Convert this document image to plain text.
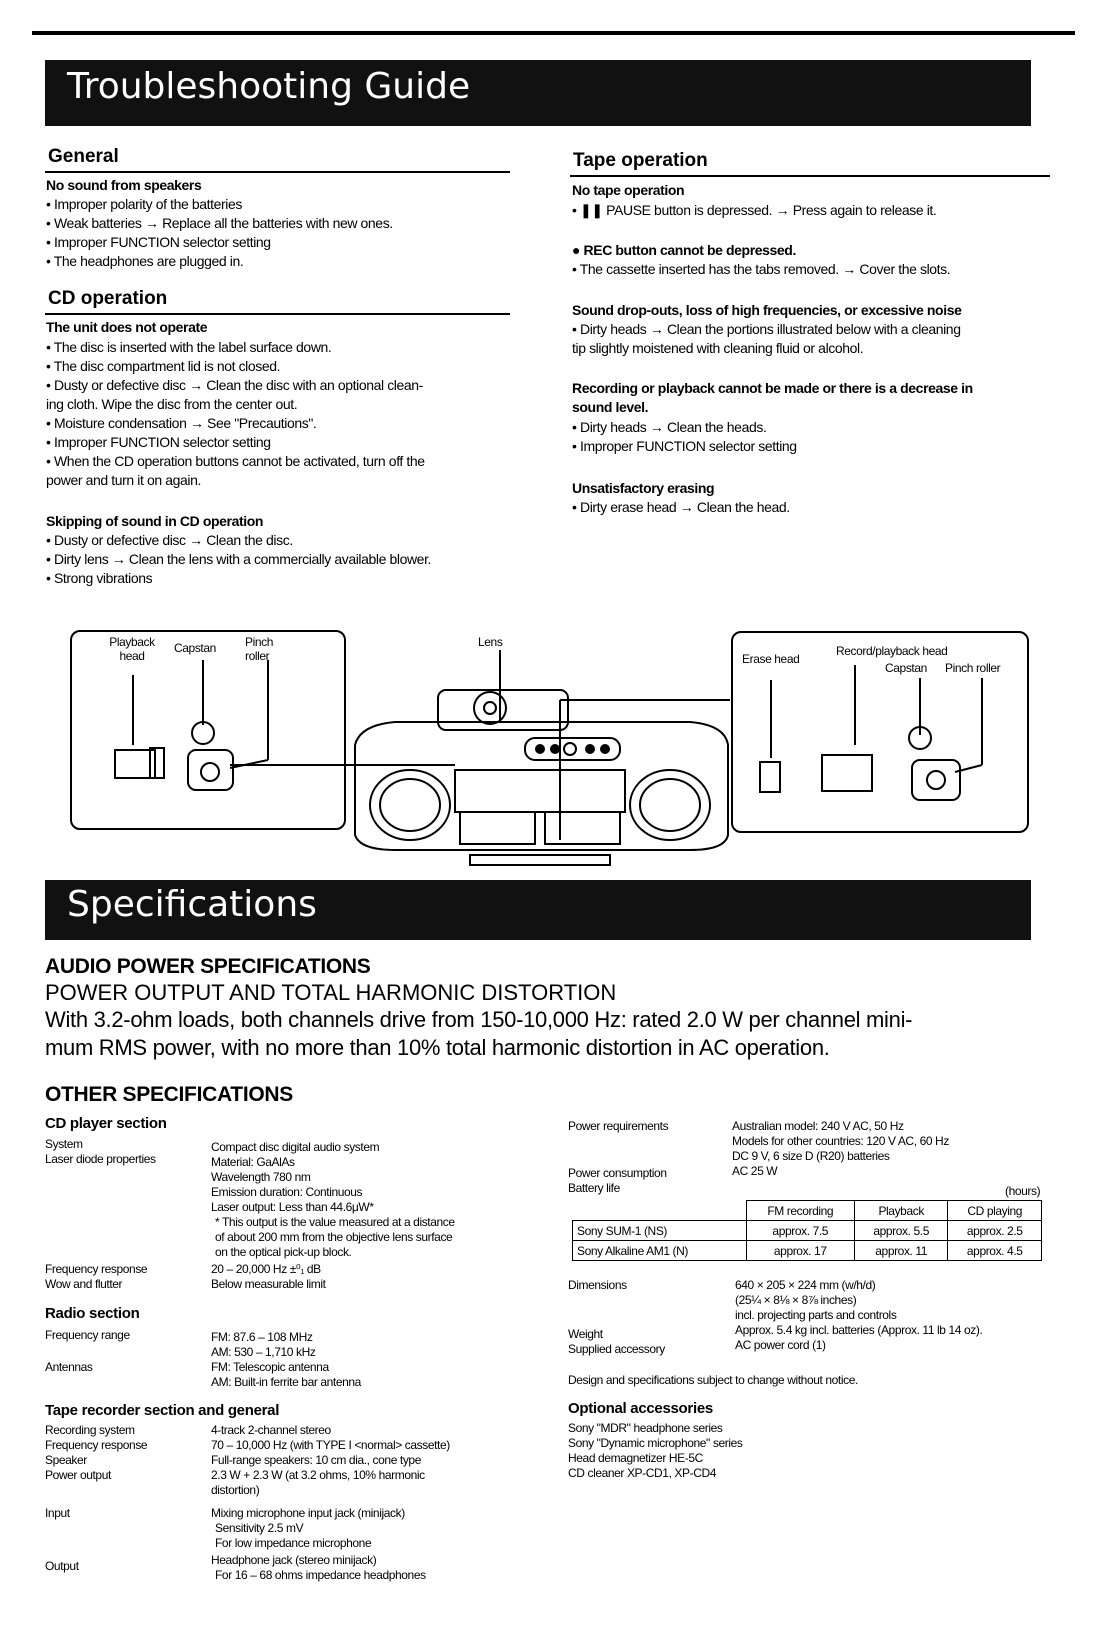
Troubleshooting Guide
General
No sound from speakers
• Improper polarity of the batteries
• Weak batteries → Replace all the batteries with new ones.
• Improper FUNCTION selector setting
• The headphones are plugged in.
CD operation
The unit does not operate
• The disc is inserted with the label surface down.
• The disc compartment lid is not closed.
• Dusty or defective disc → Clean the disc with an optional clean-
ing cloth. Wipe the disc from the center out.
• Moisture condensation → See "Precautions".
• Improper FUNCTION selector setting
• When the CD operation buttons cannot be activated, turn off the
power and turn it on again.
Skipping of sound in CD operation
• Dusty or defective disc → Clean the disc.
• Dirty lens → Clean the lens with a commercially available blower.
• Strong vibrations
Tape operation
No tape operation
• ❚❚ PAUSE button is depressed. → Press again to release it.
● REC button cannot be depressed.
• The cassette inserted has the tabs removed. → Cover the slots.
Sound drop-outs, loss of high frequencies, or excessive noise
• Dirty heads → Clean the portions illustrated below with a cleaning
tip slightly moistened with cleaning fluid or alcohol.
Recording or playback cannot be made or there is a decrease in
sound level.
• Dirty heads → Clean the heads.
• Improper FUNCTION selector setting
Unsatisfactory erasing
• Dirty erase head → Clean the head.
Playback head
Capstan Pinch roller
Lens
Erase head
Record/playback head
Capstan Pinch roller
Specifications
AUDIO POWER SPECIFICATIONS
POWER OUTPUT AND TOTAL HARMONIC DISTORTION
With 3.2-ohm loads, both channels drive from 150-10,000 Hz: rated 2.0 W per channel mini-
mum RMS power, with no more than 10% total harmonic distortion in AC operation.
OTHER SPECIFICATIONS
CD player section
System	Compact disc digital audio system
Laser diode properties	Material: GaAlAs
Wavelength 780 nm
Emission duration: Continuous
Laser output: Less than 44.6μW*
* This output is the value measured at a distance
of about 200 mm from the objective lens surface
on the optical pick-up block.
Frequency response	20 – 20,000 Hz ±⁰₁ dB
Wow and flutter	Below measurable limit
Radio section
Frequency range	FM: 87.6 – 108 MHz
AM: 530 – 1,710 kHz
Antennas	FM: Telescopic antenna
AM: Built-in ferrite bar antenna
Tape recorder section and general
Recording system	4-track 2-channel stereo
Frequency response	70 – 10,000 Hz (with TYPE I <normal> cassette)
Speaker	Full-range speakers: 10 cm dia., cone type
Power output	2.3 W + 2.3 W (at 3.2 ohms, 10% harmonic
distortion)
Input	Mixing microphone input jack (minijack)
Sensitivity 2.5 mV
For low impedance microphone
Output	Headphone jack (stereo minijack)
For 16 – 68 ohms impedance headphones
Power requirements	Australian model: 240 V AC, 50 Hz
Models for other countries: 120 V AC, 60 Hz
DC 9 V, 6 size D (R20) batteries
Power consumption	AC 25 W
Battery life	(hours)
	FM recording	Playback	CD playing
Sony SUM-1 (NS)	approx. 7.5	approx. 5.5	approx. 2.5
Sony Alkaline AM1 (N)	approx. 17	approx. 11	approx. 4.5
Dimensions	640 × 205 × 224 mm (w/h/d)
(25¼ × 8⅛ × 8⅞ inches)
incl. projecting parts and controls
Weight	Approx. 5.4 kg incl. batteries (Approx. 11 lb 14 oz).
Supplied accessory	AC power cord (1)
Design and specifications subject to change without notice.
Optional accessories
Sony "MDR" headphone series
Sony "Dynamic microphone" series
Head demagnetizer HE-5C
CD cleaner XP-CD1, XP-CD4
